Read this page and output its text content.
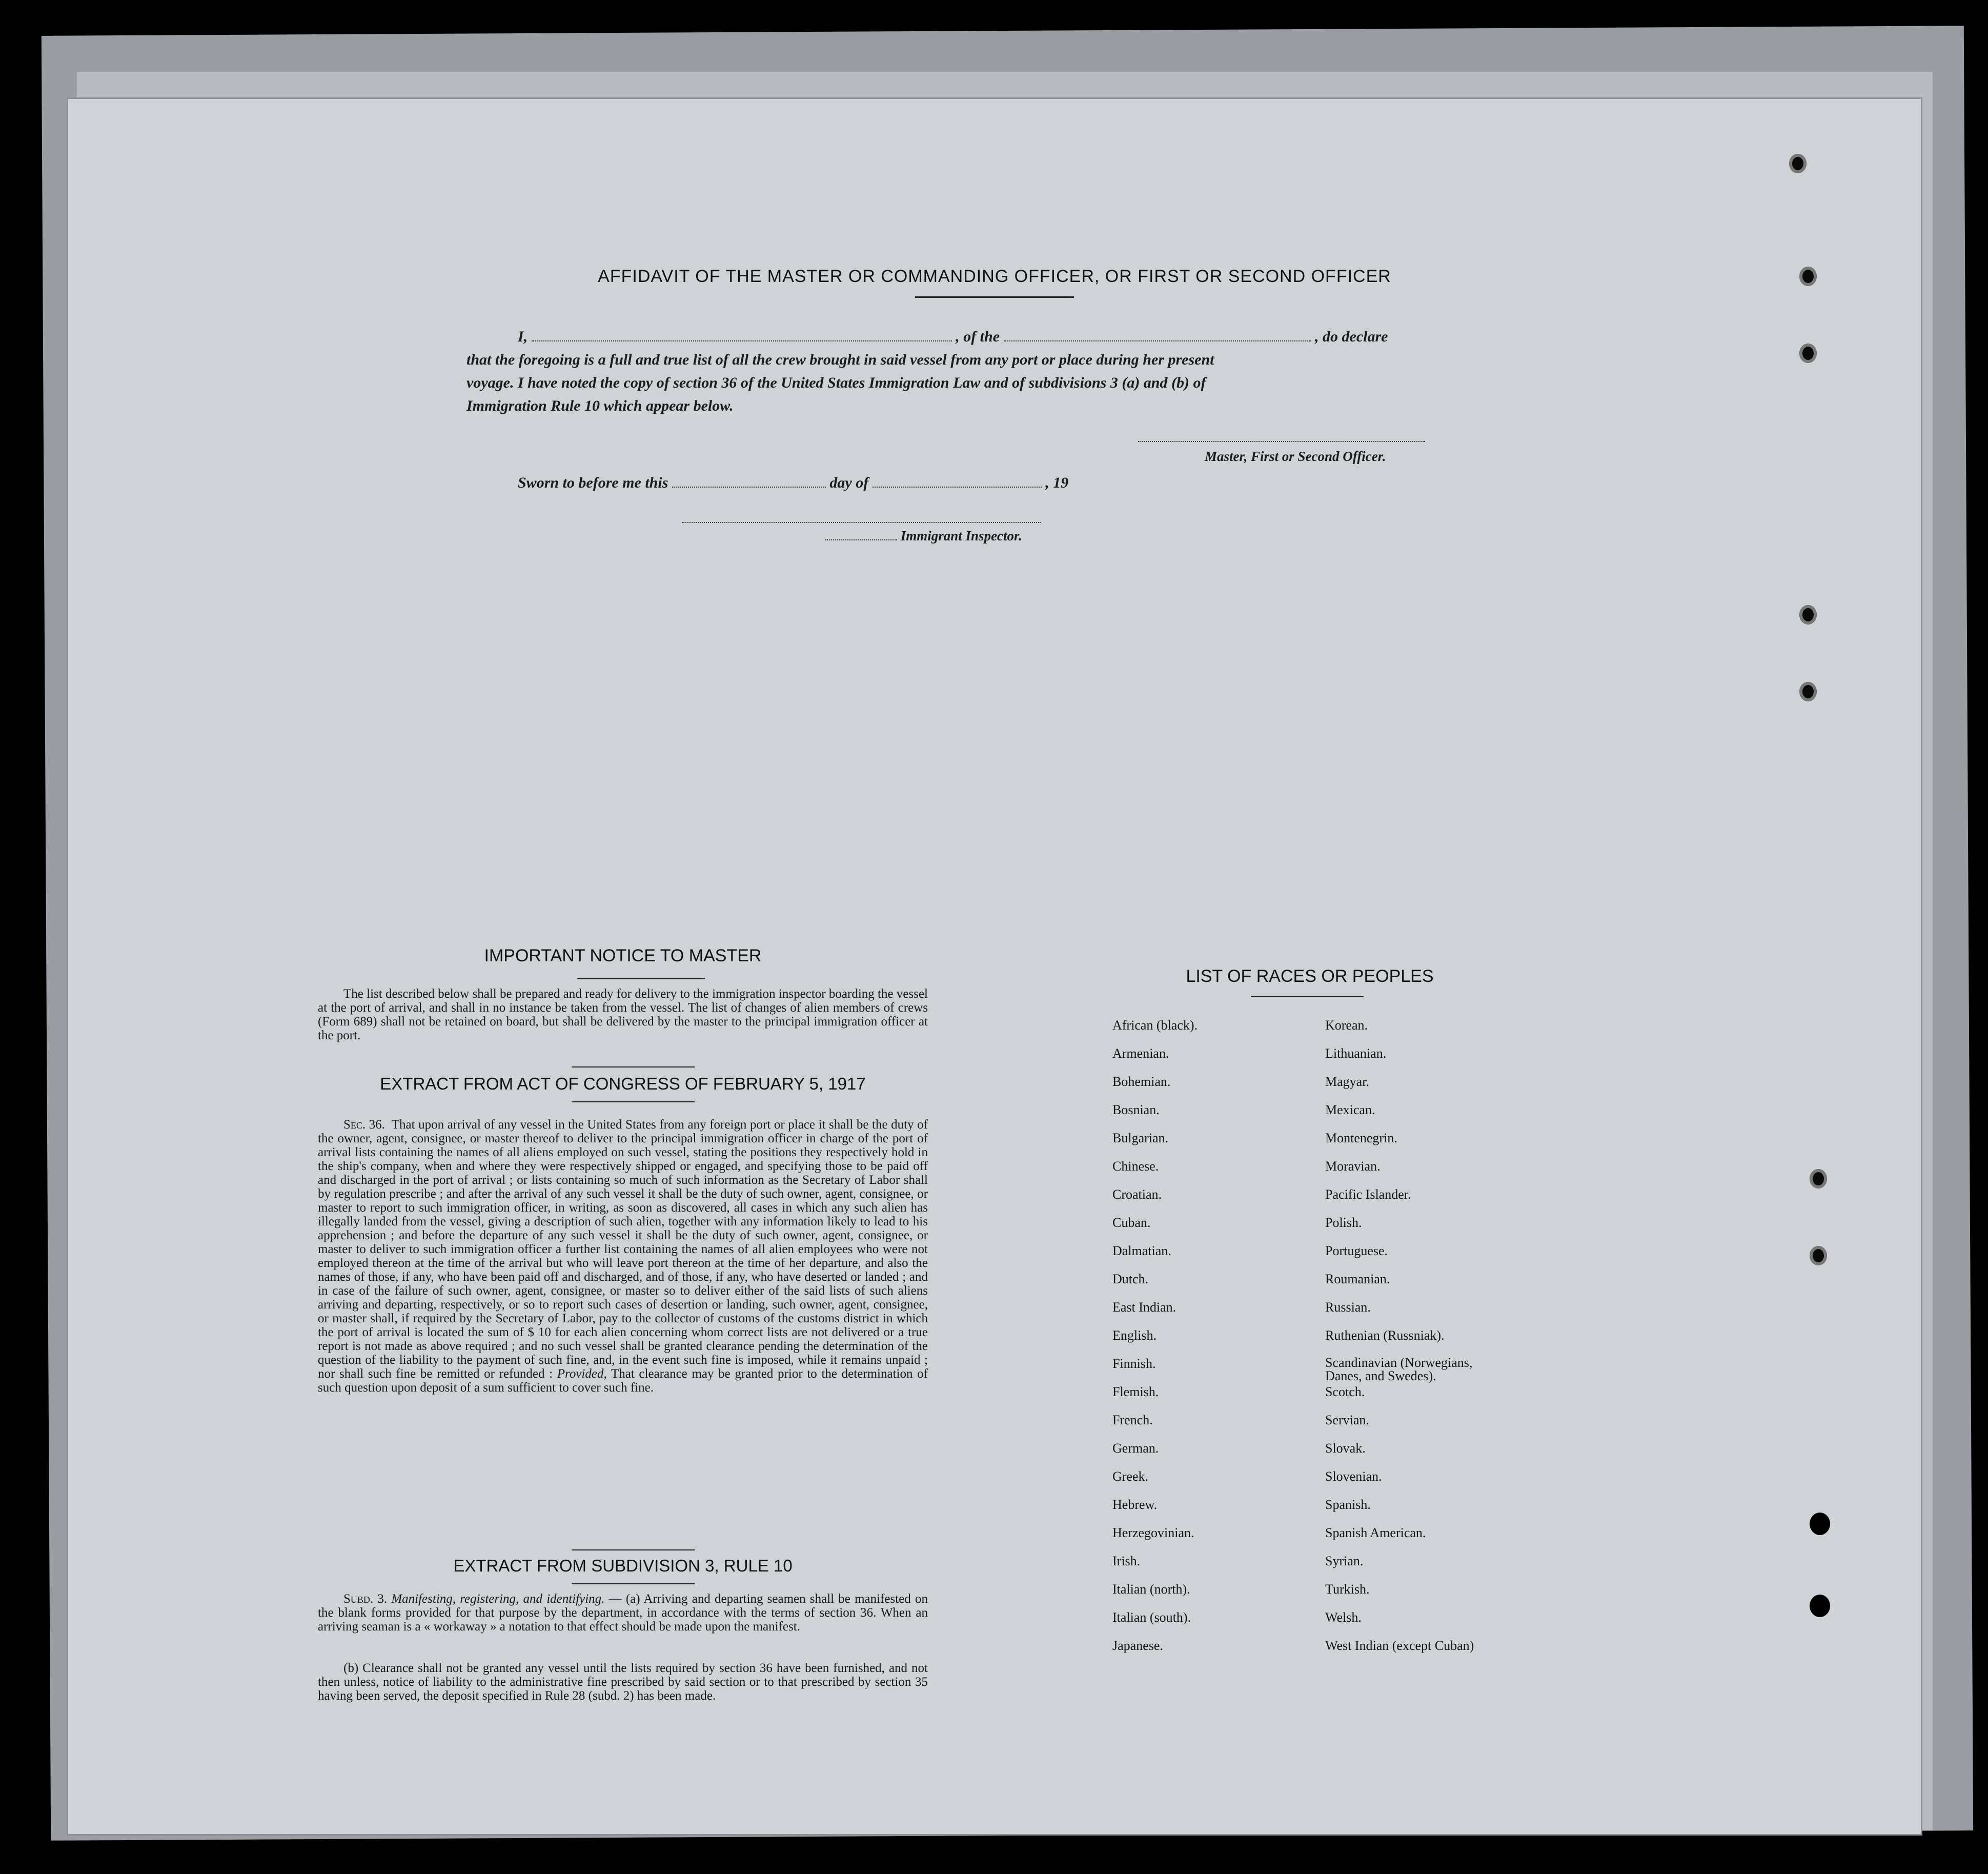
AFFIDAVIT OF THE MASTER OR COMMANDING OFFICER, OR FIRST OR SECOND OFFICER
I,	, of the	, do declare
that the foregoing is a full and true list of all the crew brought in said vessel from any port or place during her present
voyage. I have noted the copy of section 36 of the United States Immigration Law and of subdivisions 3 (a) and (b) of
Immigration Rule 10 which appear below.
Master, First or Second Officer.
Sworn to before me this	day of	, 19
Immigrant Inspector.
IMPORTANT NOTICE TO MASTER
The list described below shall be prepared and ready for delivery to the immigration inspector boarding the vessel at the port of arrival, and shall in no instance be taken from the vessel. The list of changes of alien members of crews (Form 689) shall not be retained on board, but shall be delivered by the master to the principal immigration officer at the port.
EXTRACT FROM ACT OF CONGRESS OF FEBRUARY 5, 1917
Sec. 36. That upon arrival of any vessel in the United States from any foreign port or place it shall be the duty of the owner, agent, consignee, or master thereof to deliver to the principal immigration officer in charge of the port of arrival lists containing the names of all aliens employed on such vessel, stating the positions they respectively hold in the ship's company, when and where they were respectively shipped or engaged, and specifying those to be paid off and discharged in the port of arrival ; or lists containing so much of such information as the Secretary of Labor shall by regulation prescribe ; and after the arrival of any such vessel it shall be the duty of such owner, agent, consignee, or master to report to such immigration officer, in writing, as soon as discovered, all cases in which any such alien has illegally landed from the vessel, giving a description of such alien, together with any information likely to lead to his apprehension ; and before the departure of any such vessel it shall be the duty of such owner, agent, consignee, or master to deliver to such immigration officer a further list containing the names of all alien employees who were not employed thereon at the time of the arrival but who will leave port thereon at the time of her departure, and also the names of those, if any, who have been paid off and discharged, and of those, if any, who have deserted or landed ; and in case of the failure of such owner, agent, consignee, or master so to deliver either of the said lists of such aliens arriving and departing, respectively, or so to report such cases of desertion or landing, such owner, agent, consignee, or master shall, if required by the Secretary of Labor, pay to the collector of customs of the customs district in which the port of arrival is located the sum of $ 10 for each alien concerning whom correct lists are not delivered or a true report is not made as above required ; and no such vessel shall be granted clearance pending the determination of the question of the liability to the payment of such fine, and, in the event such fine is imposed, while it remains unpaid ; nor shall such fine be remitted or refunded : Provided, That clearance may be granted prior to the determination of such question upon deposit of a sum sufficient to cover such fine.
EXTRACT FROM SUBDIVISION 3, RULE 10
Subd. 3. Manifesting, registering, and identifying. — (a) Arriving and departing seamen shall be manifested on the blank forms provided for that purpose by the department, in accordance with the terms of section 36. When an arriving seaman is a « workaway » a notation to that effect should be made upon the manifest.
(b) Clearance shall not be granted any vessel until the lists required by section 36 have been furnished, and not then unless, notice of liability to the administrative fine prescribed by said section or to that prescribed by section 35 having been served, the deposit specified in Rule 28 (subd. 2) has been made.
LIST OF RACES OR PEOPLES
African (black).
Armenian.
Bohemian.
Bosnian.
Bulgarian.
Chinese.
Croatian.
Cuban.
Dalmatian.
Dutch.
East Indian.
English.
Finnish.
Flemish.
French.
German.
Greek.
Hebrew.
Herzegovinian.
Irish.
Italian (north).
Italian (south).
Japanese.
Korean.
Lithuanian.
Magyar.
Mexican.
Montenegrin.
Moravian.
Pacific Islander.
Polish.
Portuguese.
Roumanian.
Russian.
Ruthenian (Russniak).
Scandinavian (Norwegians, Danes, and Swedes).
Scotch.
Servian.
Slovak.
Slovenian.
Spanish.
Spanish American.
Syrian.
Turkish.
Welsh.
West Indian (except Cuban)
